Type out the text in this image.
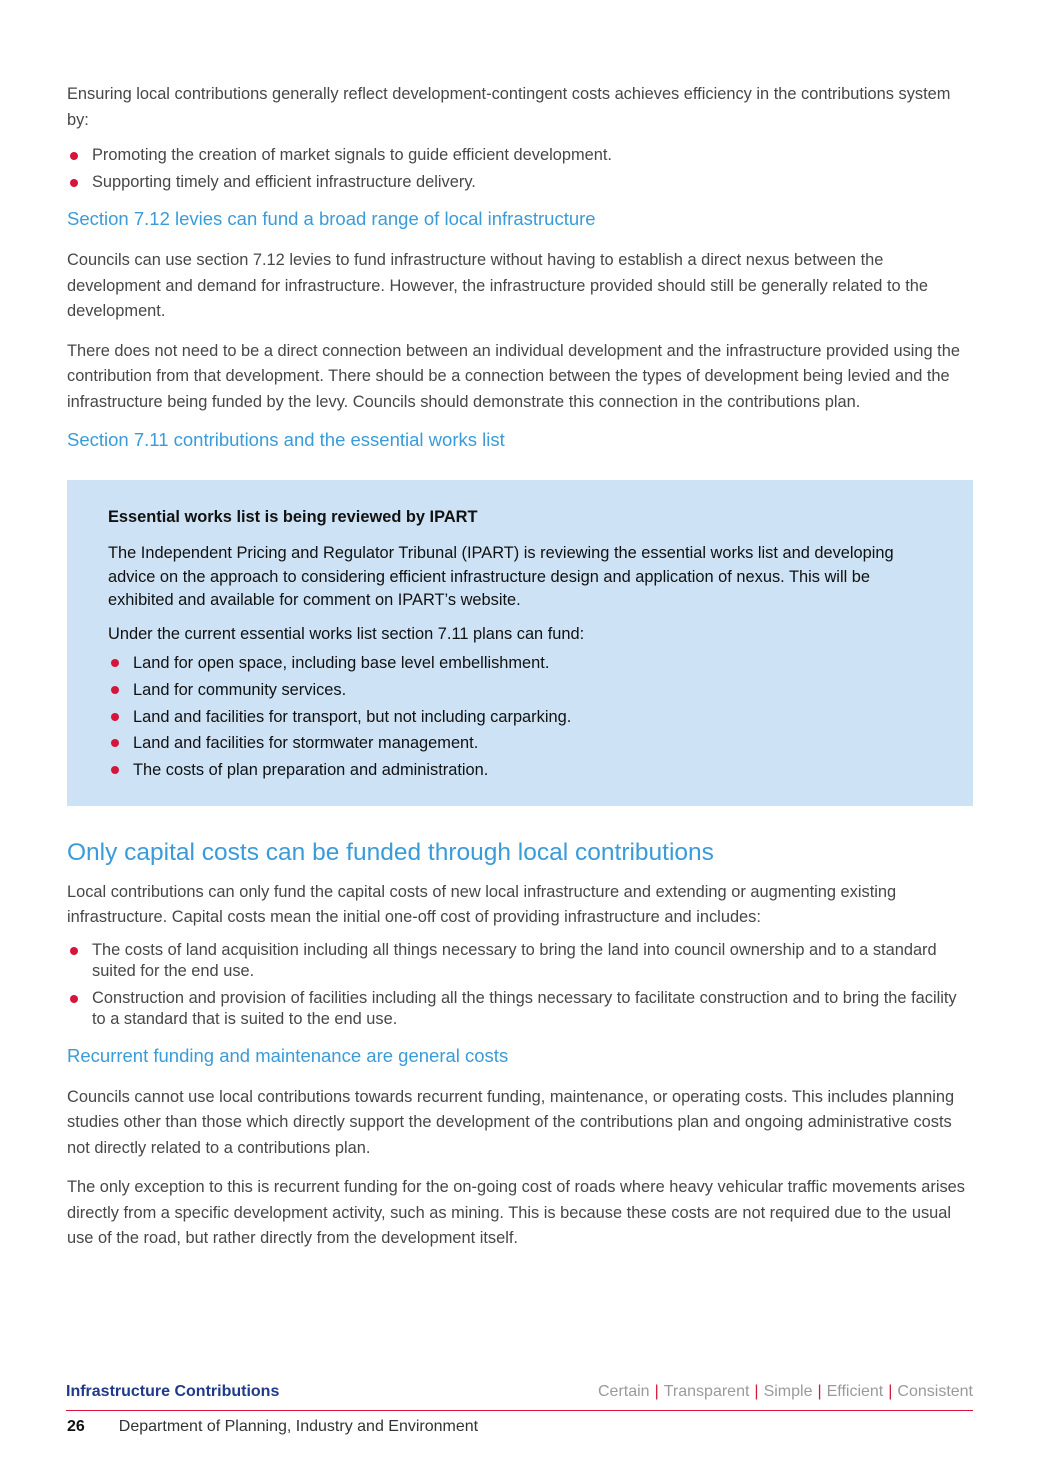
Ensuring local contributions generally reflect development-contingent costs achieves efficiency in the contributions system by:

Promoting the creation of market signals to guide efficient development.
Supporting timely and efficient infrastructure delivery.
Section 7.12 levies can fund a broad range of local infrastructure

Councils can use section 7.12 levies to fund infrastructure without having to establish a direct nexus between the development and demand for infrastructure. However, the infrastructure provided should still be generally related to the development.

There does not need to be a direct connection between an individual development and the infrastructure provided using the contribution from that development. There should be a connection between the types of development being levied and the infrastructure being funded by the levy. Councils should demonstrate this connection in the contributions plan.

Section 7.11 contributions and the essential works list
Essential works list is being reviewed by IPART

The Independent Pricing and Regulator Tribunal (IPART) is reviewing the essential works list and developing advice on the approach to considering efficient infrastructure design and application of nexus. This will be exhibited and available for comment on IPART’s website.

Under the current essential works list section 7.11 plans can fund:

Land for open space, including base level embellishment.
Land for community services.
Land and facilities for transport, but not including carparking.
Land and facilities for stormwater management.
The costs of plan preparation and administration.
Only capital costs can be funded through local contributions

Local contributions can only fund the capital costs of new local infrastructure and extending or augmenting existing infrastructure. Capital costs mean the initial one-off cost of providing infrastructure and includes:

The costs of land acquisition including all things necessary to bring the land into council ownership and to a standard suited for the end use.
Construction and provision of facilities including all the things necessary to facilitate construction and to bring the facility to a standard that is suited to the end use.
Recurrent funding and maintenance are general costs

Councils cannot use local contributions towards recurrent funding, maintenance, or operating costs. This includes planning studies other than those which directly support the development of the contributions plan and ongoing administrative costs not directly related to a contributions plan.

The only exception to this is recurrent funding for the on-going cost of roads where heavy vehicular traffic movements arises directly from a specific development activity, such as mining. This is because these costs are not required due to the usual use of the road, but rather directly from the development itself.

Infrastructure Contributions	Certain | Transparent | Simple | Efficient | Consistent
26 Department of Planning, Industry and Environment
